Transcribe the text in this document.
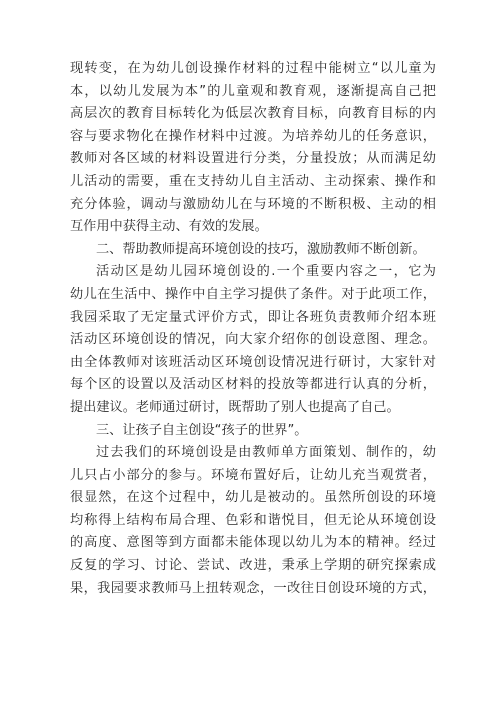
现转变，在为幼儿创设操作材料的过程中能树立“以儿童为
本，以幼儿发展为本”的儿童观和教育观，逐渐提高自己把
高层次的教育目标转化为低层次教育目标，向教育目标的内
容与要求物化在操作材料中过渡。为培养幼儿的任务意识，
教师对各区域的材料设置进行分类，分量投放；从而满足幼
儿活动的需要，重在支持幼儿自主活动、主动探索、操作和
充分体验，调动与激励幼儿在与环境的不断积极、主动的相
互作用中获得主动、有效的发展。
二、帮助教师提高环境创设的技巧，激励教师不断创新。
活动区是幼儿园环境创设的.一个重要内容之一，它为
幼儿在生活中、操作中自主学习提供了条件。对于此项工作，
我园采取了无定量式评价方式，即让各班负责教师介绍本班
活动区环境创设的情况，向大家介绍你的创设意图、理念。
由全体教师对该班活动区环境创设情况进行研讨，大家针对
每个区的设置以及活动区材料的投放等都进行认真的分析，
提出建议。老师通过研讨，既帮助了别人也提高了自己。
三、让孩子自主创设“孩子的世界”。
过去我们的环境创设是由教师单方面策划、制作的，幼
儿只占小部分的参与。环境布置好后，让幼儿充当观赏者，
很显然，在这个过程中，幼儿是被动的。虽然所创设的环境
均称得上结构布局合理、色彩和谐悦目，但无论从环境创设
的高度、意图等到方面都未能体现以幼儿为本的精神。经过
反复的学习、讨论、尝试、改进，秉承上学期的研究探索成
果，我园要求教师马上扭转观念，一改往日创设环境的方式，
